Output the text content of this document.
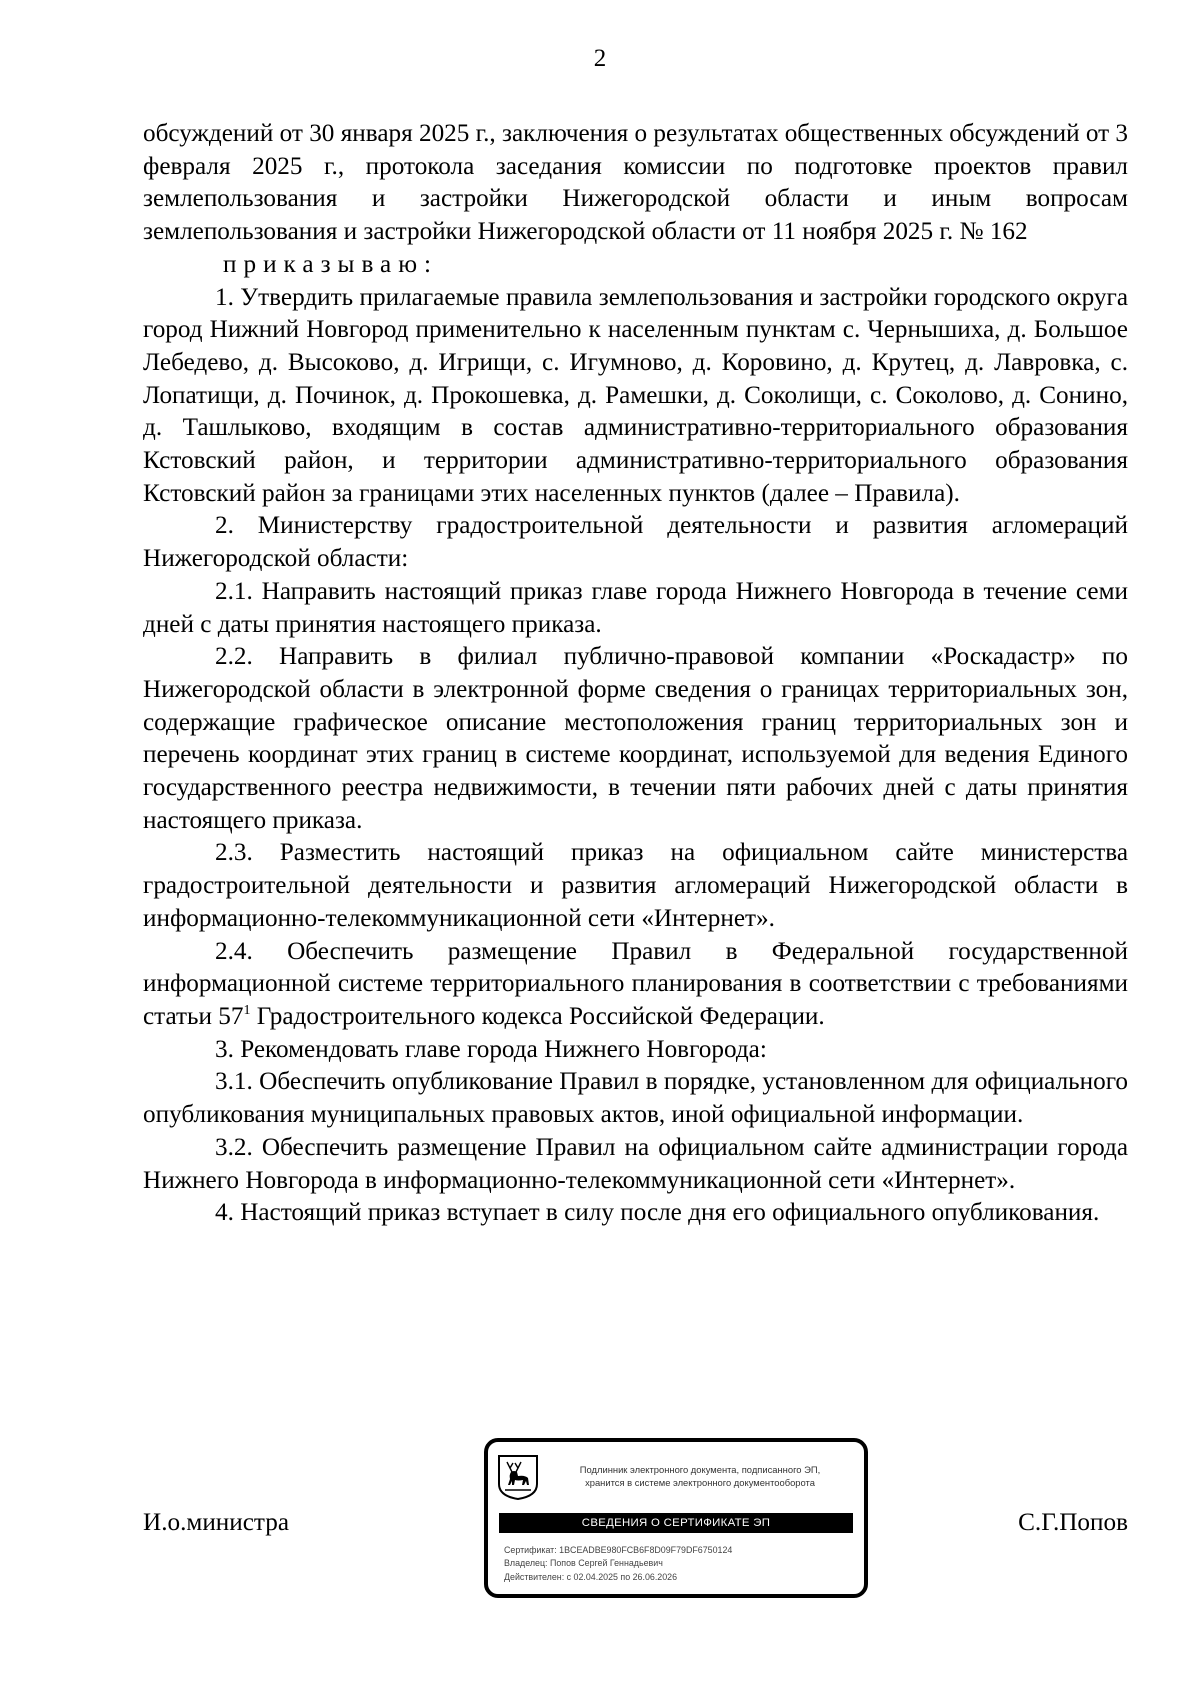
2

обсуждений от 30 января 2025 г., заключения о результатах общественных обсуждений от 3 февраля 2025 г., протокола заседания комиссии по подготовке проектов правил землепользования и застройки Нижегородской области и иным вопросам землепользования и застройки Нижегородской области от 11 ноября 2025 г. № 162

приказываю:

1. Утвердить прилагаемые правила землепользования и застройки городского округа город Нижний Новгород применительно к населенным пунктам с. Чернышиха, д. Большое Лебедево, д. Высоково, д. Игрищи, с. Игумново, д. Коровино, д. Крутец, д. Лавровка, с. Лопатищи, д. Починок, д. Прокошевка, д. Рамешки, д. Соколищи, с. Соколово, д. Сонино, д. Ташлыково, входящим в состав административно-территориального образования Кстовский район, и территории административно-территориального образования Кстовский район за границами этих населенных пунктов (далее – Правила).

2. Министерству градостроительной деятельности и развития агломераций Нижегородской области:

2.1. Направить настоящий приказ главе города Нижнего Новгорода в течение семи дней с даты принятия настоящего приказа.

2.2. Направить в филиал публично-правовой компании «Роскадастр» по Нижегородской области в электронной форме сведения о границах территориальных зон, содержащие графическое описание местоположения границ территориальных зон и перечень координат этих границ в системе координат, используемой для ведения Единого государственного реестра недвижимости, в течении пяти рабочих дней с даты принятия настоящего приказа.

2.3. Разместить настоящий приказ на официальном сайте министерства градостроительной деятельности и развития агломераций Нижегородской области в информационно-телекоммуникационной сети «Интернет».

2.4. Обеспечить размещение Правил в Федеральной государственной информационной системе территориального планирования в соответствии с требованиями статьи $57^1$ Градостроительного кодекса Российской Федерации.

3. Рекомендовать главе города Нижнего Новгорода:

3.1. Обеспечить опубликование Правил в порядке, установленном для официального опубликования муниципальных правовых актов, иной официальной информации.

3.2. Обеспечить размещение Правил на официальном сайте администрации города Нижнего Новгорода в информационно-телекоммуникационной сети «Интернет».

4. Настоящий приказ вступает в силу после дня его официального опубликования.

И.о.министра	С.Г.Попов
Подлинник электронного документа, подписанного ЭП,
хранится в системе электронного документооборота
СВЕДЕНИЯ О СЕРТИФИКАТЕ ЭП
Сертификат: 1BCEADBE980FCB6F8D09F79DF6750124
Владелец: Попов Сергей Геннадьевич
Действителен: с 02.04.2025 по 26.06.2026
